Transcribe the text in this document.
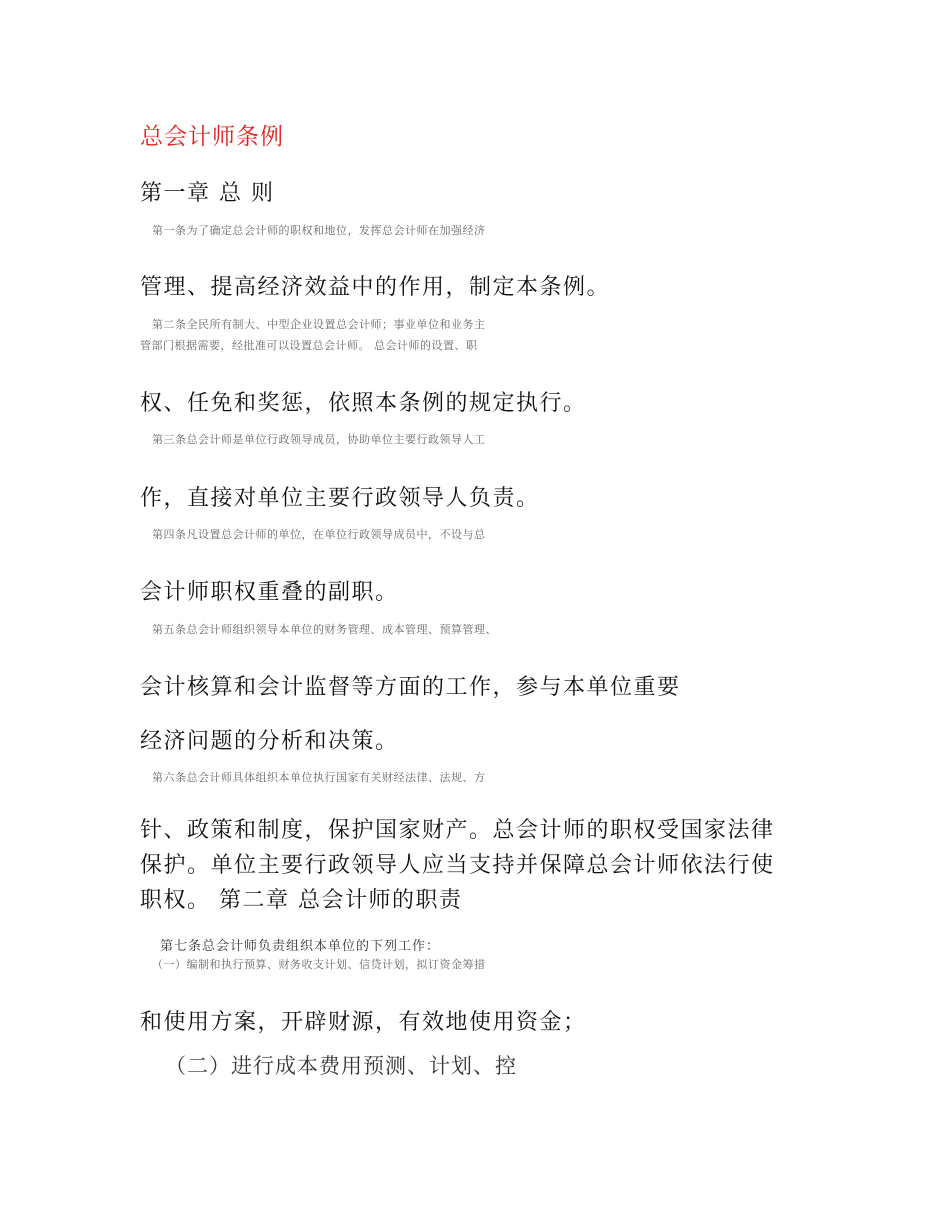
总会计师条例
第一章 总 则
第一条为了确定总会计师的职权和地位，发挥总会计师在加强经济
管理、提高经济效益中的作用，制定本条例。
第二条全民所有制大、中型企业设置总会计师；事业单位和业务主
管部门根据需要，经批准可以设置总会计师。 总会计师的设置、职
权、任免和奖惩，依照本条例的规定执行。
第三条总会计师是单位行政领导成员，协助单位主要行政领导人工
作，直接对单位主要行政领导人负责。
第四条凡设置总会计师的单位，在单位行政领导成员中，不设与总
会计师职权重叠的副职。
第五条总会计师组织领导本单位的财务管理、成本管理、预算管理、
会计核算和会计监督等方面的工作，参与本单位重要
经济问题的分析和决策。
第六条总会计师具体组织本单位执行国家有关财经法律、法规、方
针、政策和制度，保护国家财产。总会计师的职权受国家法律
保护。单位主要行政领导人应当支持并保障总会计师依法行使
职权。 第二章 总会计师的职责
第七条总会计师负责组织本单位的下列工作：
（一）编制和执行预算、财务收支计划、信贷计划，拟订资金筹措
和使用方案，开辟财源，有效地使用资金；
（二）进行成本费用预测、计划、控
